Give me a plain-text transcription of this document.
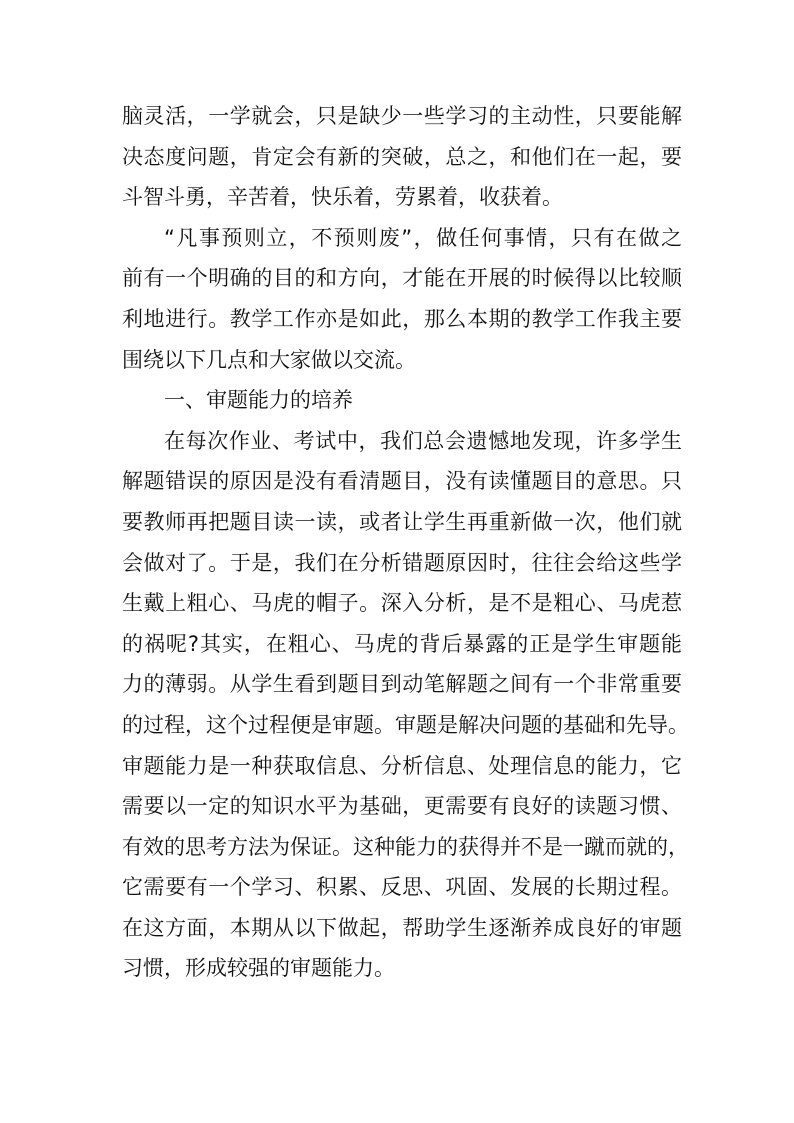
脑灵活，一学就会，只是缺少一些学习的主动性，只要能解
决态度问题，肯定会有新的突破，总之，和他们在一起，要
斗智斗勇，辛苦着，快乐着，劳累着，收获着。
“凡事预则立，不预则废”，做任何事情，只有在做之
前有一个明确的目的和方向，才能在开展的时候得以比较顺
利地进行。教学工作亦是如此，那么本期的教学工作我主要
围绕以下几点和大家做以交流。
一、审题能力的培养
在每次作业、考试中，我们总会遗憾地发现，许多学生
解题错误的原因是没有看清题目，没有读懂题目的意思。只
要教师再把题目读一读，或者让学生再重新做一次，他们就
会做对了。于是，我们在分析错题原因时，往往会给这些学
生戴上粗心、马虎的帽子。深入分析，是不是粗心、马虎惹
的祸呢?其实，在粗心、马虎的背后暴露的正是学生审题能
力的薄弱。从学生看到题目到动笔解题之间有一个非常重要
的过程，这个过程便是审题。审题是解决问题的基础和先导。
审题能力是一种获取信息、分析信息、处理信息的能力，它
需要以一定的知识水平为基础，更需要有良好的读题习惯、
有效的思考方法为保证。这种能力的获得并不是一蹴而就的，
它需要有一个学习、积累、反思、巩固、发展的长期过程。
在这方面，本期从以下做起，帮助学生逐渐养成良好的审题
习惯，形成较强的审题能力。
